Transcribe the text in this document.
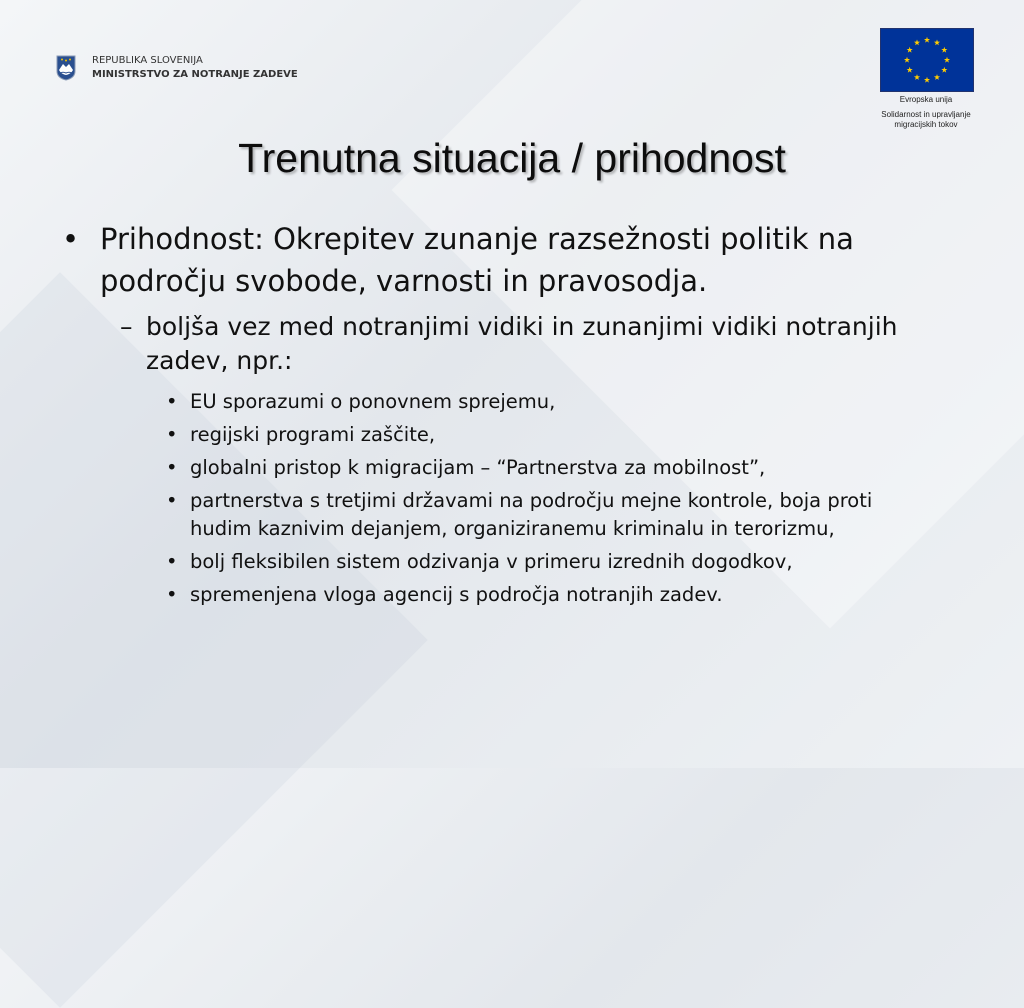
REPUBLIKA SLOVENIJA
MINISTRSTVO ZA NOTRANJE ZADEVE
Evropska unija
Solidarnost in upravljanje migracijskih tokov
Trenutna situacija / prihodnost
• Prihodnost: Okrepitev zunanje razsežnosti politik na področju svobode, varnosti in pravosodja.
– boljša vez med notranjimi vidiki in zunanjimi vidiki notranjih zadev, npr.:
• EU sporazumi o ponovnem sprejemu,
• regijski programi zaščite,
• globalni pristop k migracijam – “Partnerstva za mobilnost”,
• partnerstva s tretjimi državami na področju mejne kontrole, boja proti hudim kaznivim dejanjem, organiziranemu kriminalu in terorizmu,
• bolj fleksibilen sistem odzivanja v primeru izrednih dogodkov,
• spremenjena vloga agencij s področja notranjih zadev.
